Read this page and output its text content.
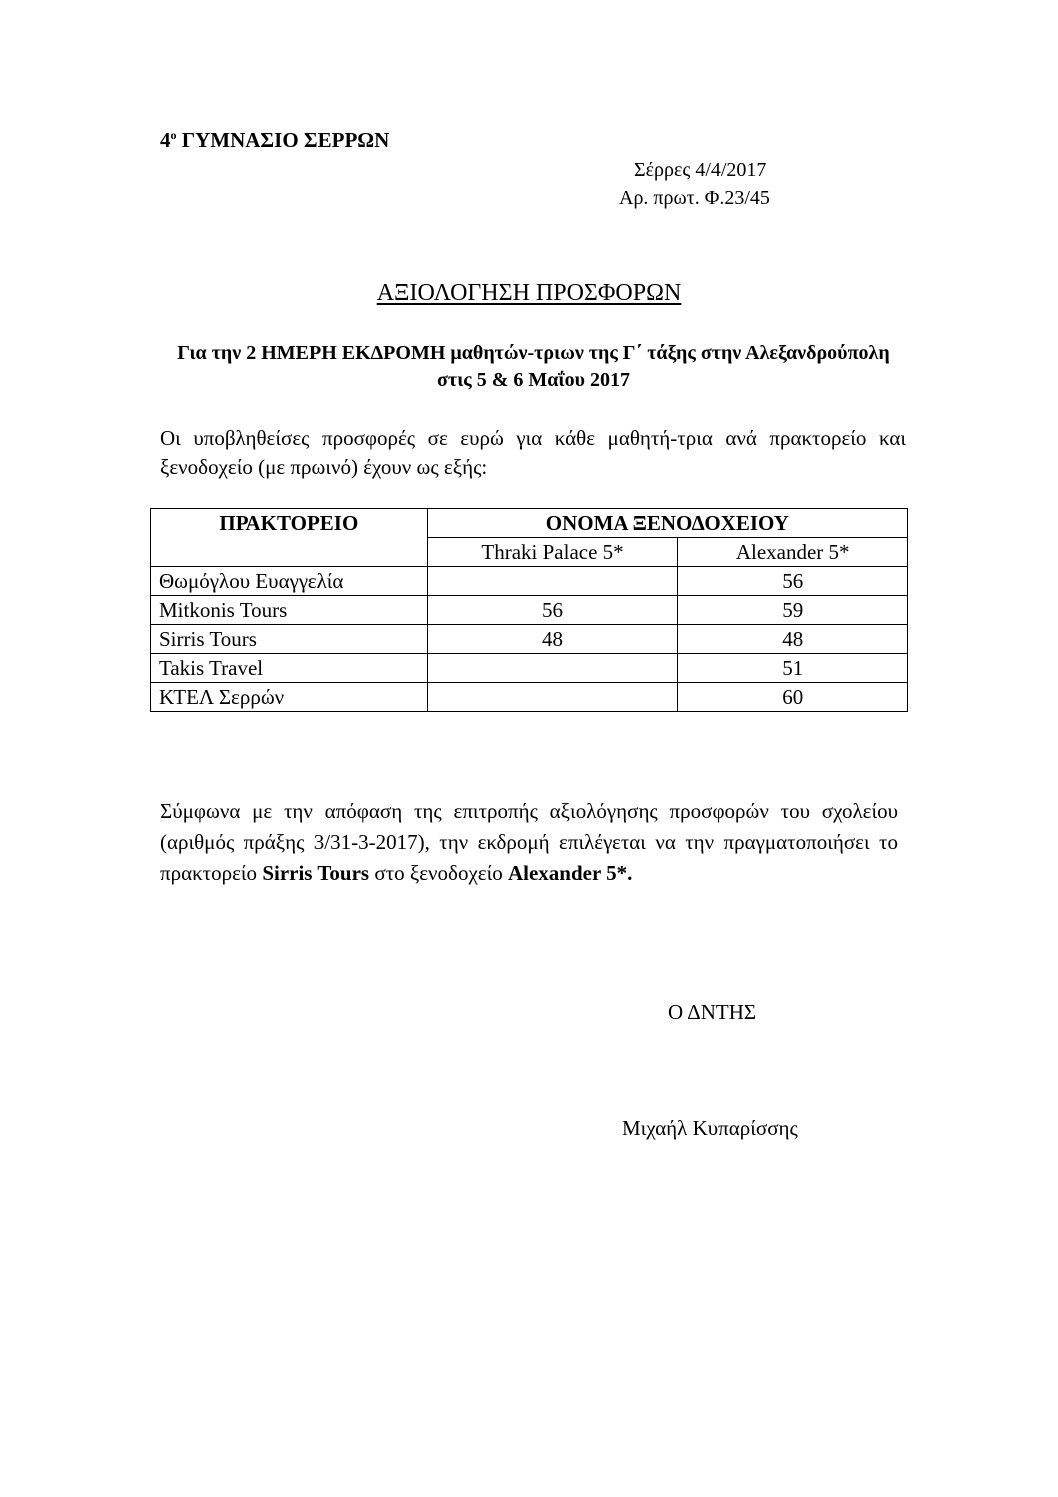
$4^o$ ΓΥΜΝΑΣΙΟ ΣΕΡΡΩΝ
Σέρρες 4/4/2017
Αρ. πρωτ. Φ.23/45
ΑΞΙΟΛΟΓΗΣΗ ΠΡΟΣΦΟΡΩΝ
Για την 2 ΗΜΕΡΗ ΕΚΔΡΟΜΗ μαθητών-τριων της Γ΄ τάξης στην Αλεξανδρούπολη στις 5 & 6 Μαΐου 2017
Οι υποβληθείσες προσφορές σε ευρώ για κάθε μαθητή-τρια ανά πρακτορείο και ξενοδοχείο (με πρωινό) έχουν ως εξής:
ΠΡΑΚΤΟΡΕΙΟ	ΟΝΟΜΑ ΞΕΝΟΔΟΧΕΙΟΥ	
	Thraki Palace 5*	Alexander 5*
Θωμόγλου Ευαγγελία		56
Mitkonis Tours	56	59
Sirris Tours	48	48
Takis Travel		51
ΚΤΕΛ Σερρών		60
Σύμφωνα με την απόφαση της επιτροπής αξιολόγησης προσφορών του σχολείου (αριθμός πράξης 3/31-3-2017), την εκδρομή επιλέγεται να την πραγματοποιήσει το πρακτορείο Sirris Tours στο ξενοδοχείο Alexander 5*.
Ο ΔΝΤΗΣ
Μιχαήλ Κυπαρίσσης
